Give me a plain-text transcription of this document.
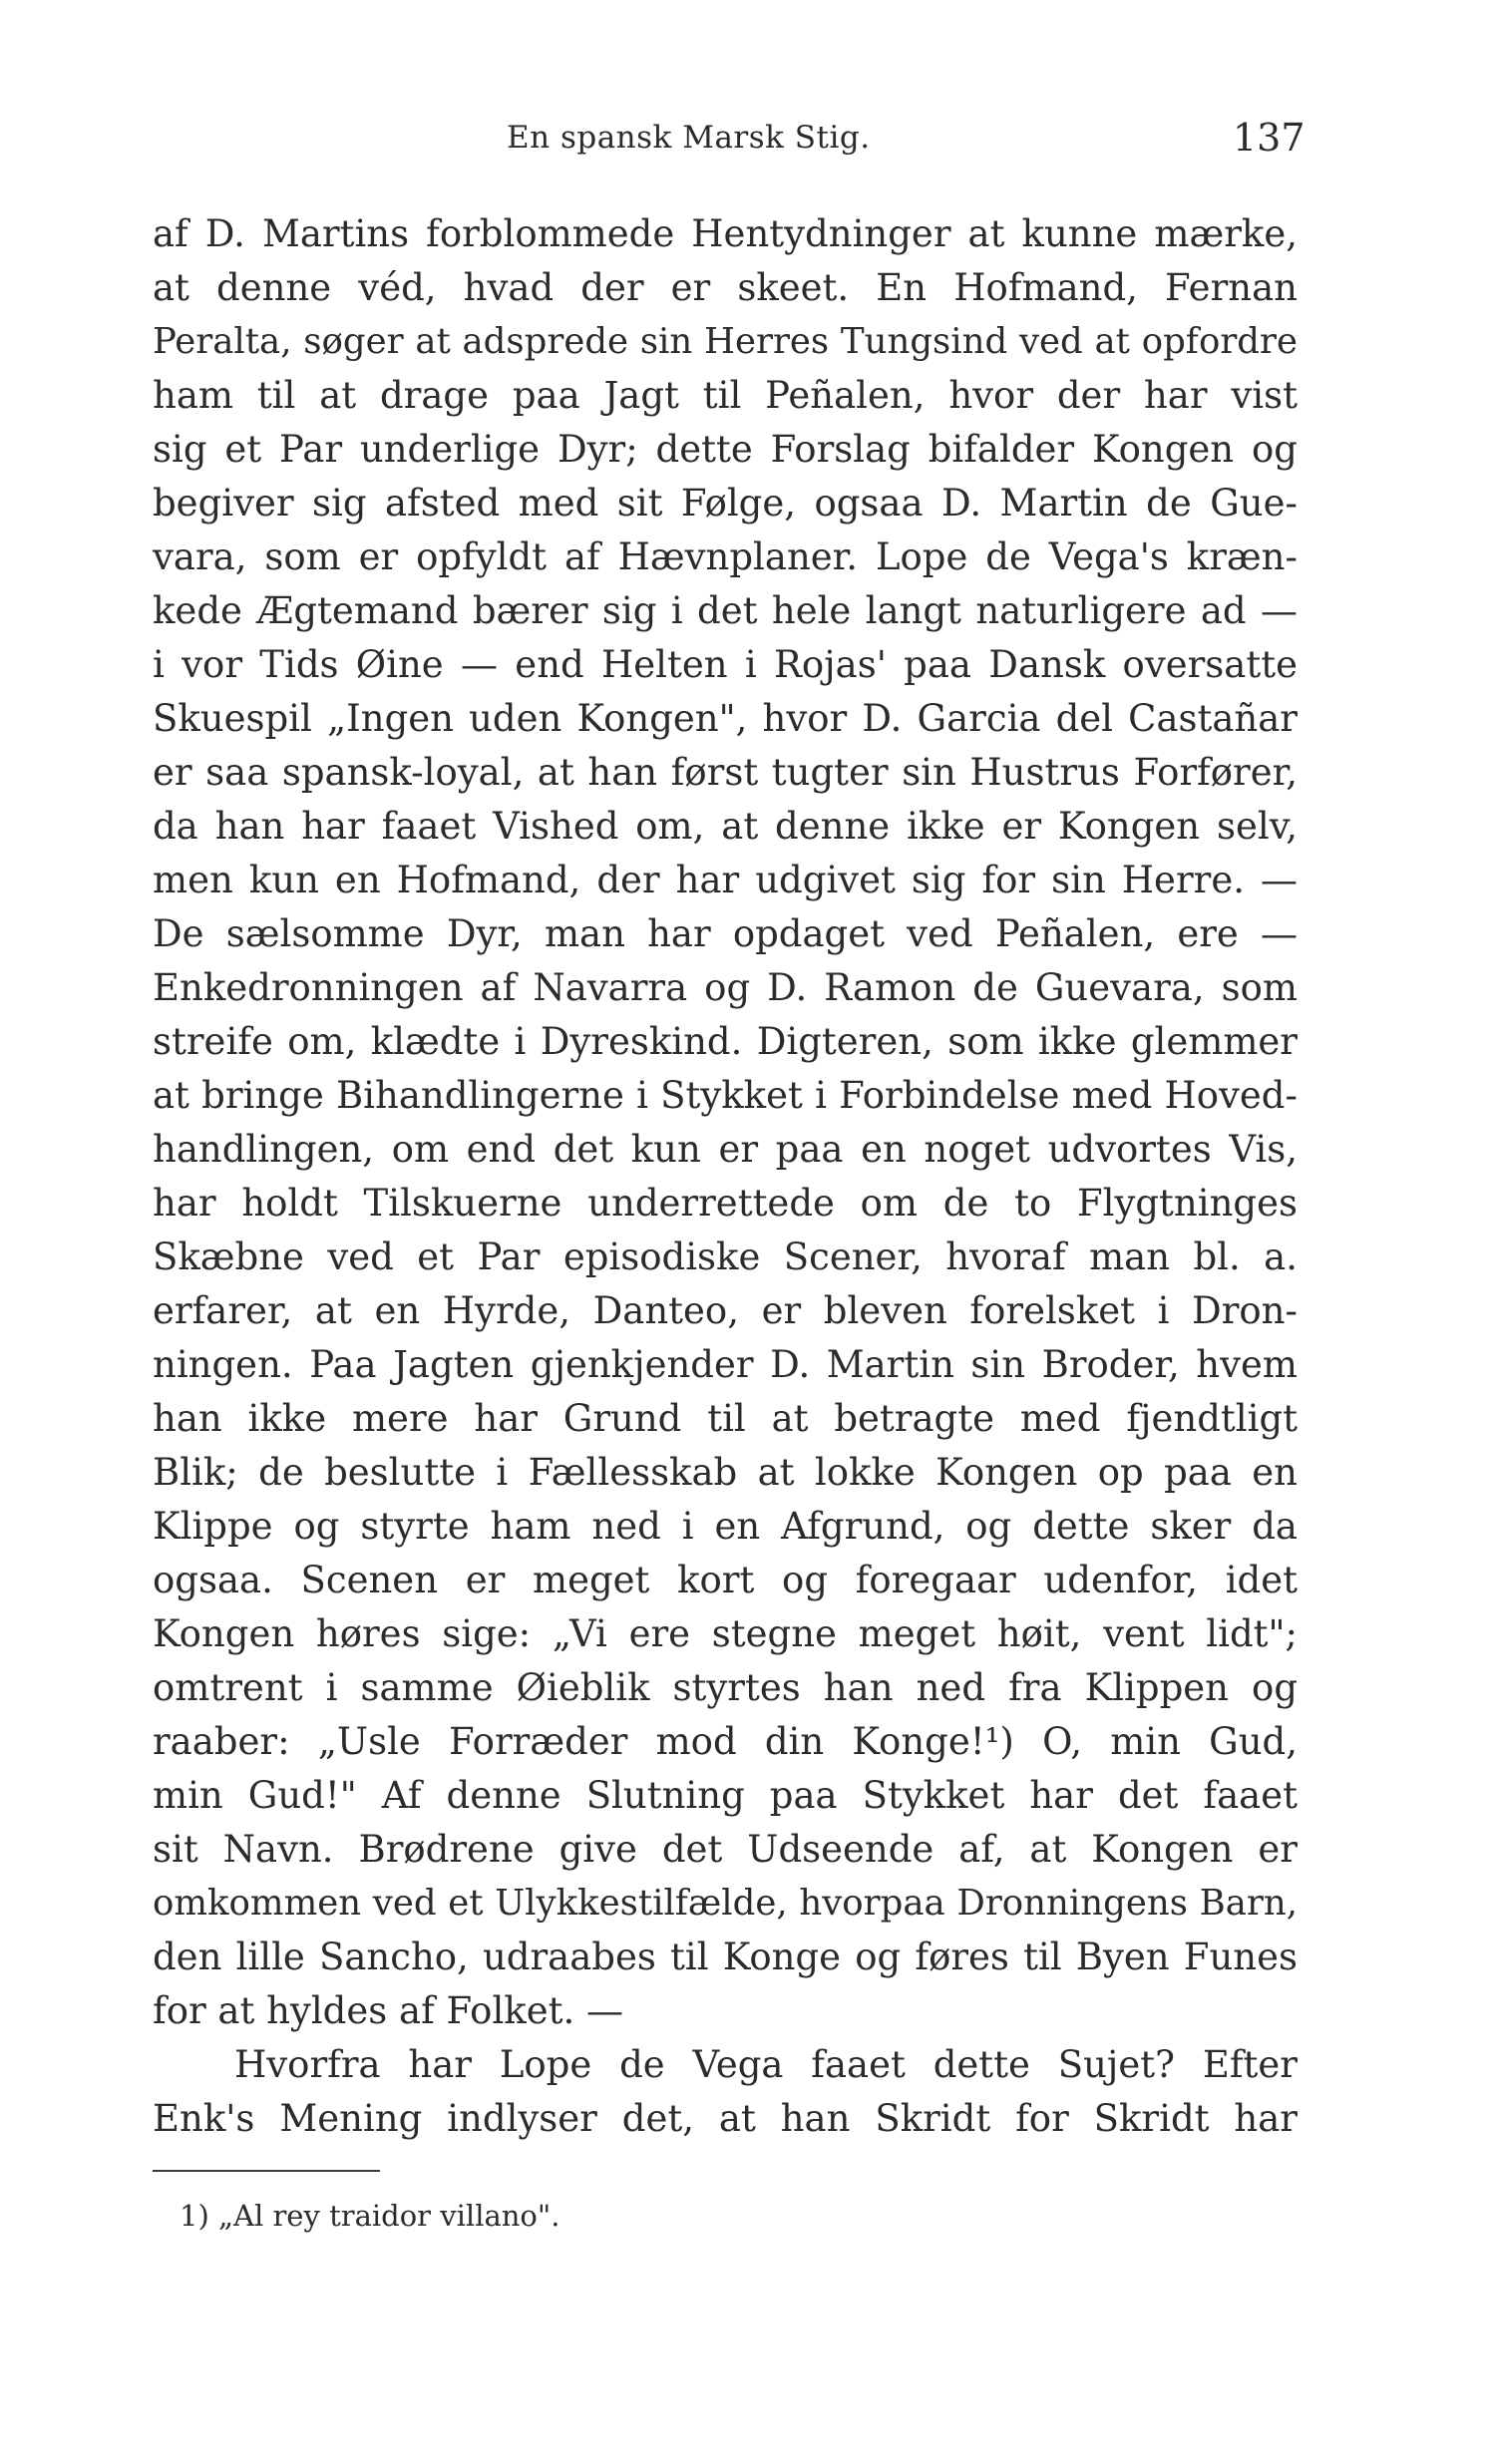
En spansk Marsk Stig.	137
af D. Martins forblommede Hentydninger at kunne mærke,
at denne véd, hvad der er skeet. En Hofmand, Fernan
Peralta, søger at adsprede sin Herres Tungsind ved at opfordre
ham til at drage paa Jagt til Peñalen, hvor der har vist
sig et Par underlige Dyr; dette Forslag bifalder Kongen og
begiver sig afsted med sit Følge, ogsaa D. Martin de Gue-
vara, som er opfyldt af Hævnplaner. Lope de Vega's kræn-
kede Ægtemand bærer sig i det hele langt naturligere ad —
i vor Tids Øine — end Helten i Rojas' paa Dansk oversatte
Skuespil „Ingen uden Kongen", hvor D. Garcia del Castañar
er saa spansk-loyal, at han først tugter sin Hustrus Forfører,
da han har faaet Vished om, at denne ikke er Kongen selv,
men kun en Hofmand, der har udgivet sig for sin Herre. —
De sælsomme Dyr, man har opdaget ved Peñalen, ere —
Enkedronningen af Navarra og D. Ramon de Guevara, som
streife om, klædte i Dyreskind. Digteren, som ikke glemmer
at bringe Bihandlingerne i Stykket i Forbindelse med Hoved-
handlingen, om end det kun er paa en noget udvortes Vis,
har holdt Tilskuerne underrettede om de to Flygtninges
Skæbne ved et Par episodiske Scener, hvoraf man bl. a.
erfarer, at en Hyrde, Danteo, er bleven forelsket i Dron-
ningen. Paa Jagten gjenkjender D. Martin sin Broder, hvem
han ikke mere har Grund til at betragte med fjendtligt
Blik; de beslutte i Fællesskab at lokke Kongen op paa en
Klippe og styrte ham ned i en Afgrund, og dette sker da
ogsaa. Scenen er meget kort og foregaar udenfor, idet
Kongen høres sige: „Vi ere stegne meget høit, vent lidt";
omtrent i samme Øieblik styrtes han ned fra Klippen og
raaber: „Usle Forræder mod din Konge!¹) O, min Gud,
min Gud!" Af denne Slutning paa Stykket har det faaet
sit Navn. Brødrene give det Udseende af, at Kongen er
omkommen ved et Ulykkestilfælde, hvorpaa Dronningens Barn,
den lille Sancho, udraabes til Konge og føres til Byen Funes
for at hyldes af Folket. —
Hvorfra har Lope de Vega faaet dette Sujet? Efter
Enk's Mening indlyser det, at han Skridt for Skridt har
1) „Al rey traidor villano".
